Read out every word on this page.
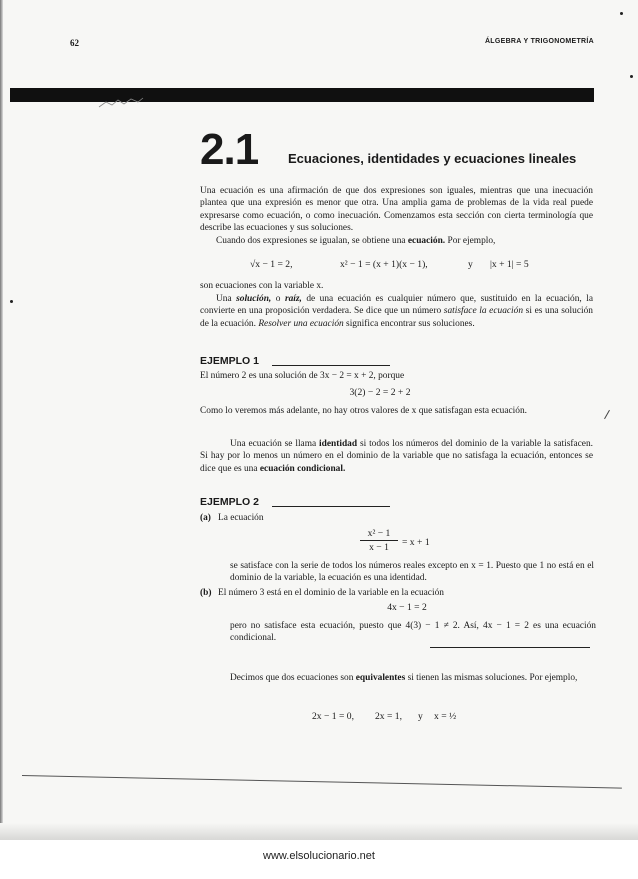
62	ÁLGEBRA Y TRIGONOMETRÍA
2.1 Ecuaciones, identidades y ecuaciones lineales
Una ecuación es una afirmación de que dos expresiones son iguales, mientras que una inecuación plantea que una expresión es menor que otra. Una amplia gama de problemas de la vida real puede expresarse como ecuación, o como inecuación. Comenzamos esta sección con cierta terminología que describe las ecuaciones y sus soluciones.
Cuando dos expresiones se igualan, se obtiene una ecuación. Por ejemplo,
√x − 1 = 2,	x² − 1 = (x + 1)(x − 1),	y |x + 1| = 5
son ecuaciones con la variable x.
Una solución, o raíz, de una ecuación es cualquier número que, sustituido en la ecuación, la convierte en una proposición verdadera. Se dice que un número satisface la ecuación si es una solución de la ecuación. Resolver una ecuación significa encontrar sus soluciones.
EJEMPLO 1
El número 2 es una solución de 3x − 2 = x + 2, porque
3(2) − 2 = 2 + 2
Como lo veremos más adelante, no hay otros valores de x que satisfagan esta ecuación.
Una ecuación se llama identidad si todos los números del dominio de la variable la satisfacen. Si hay por lo menos un número en el dominio de la variable que no satisfaga la ecuación, entonces se dice que es una ecuación condicional.
EJEMPLO 2
(a) La ecuación
x² − 1
x − 1	= x + 1
se satisface con la serie de todos los números reales excepto en x = 1. Puesto que 1 no está en el dominio de la variable, la ecuación es una identidad.
(b) El número 3 está en el dominio de la variable en la ecuación
4x − 1 = 2
pero no satisface esta ecuación, puesto que 4(3) − 1 ≠ 2. Así, 4x − 1 = 2 es una ecuación condicional.
Decimos que dos ecuaciones son equivalentes si tienen las mismas soluciones. Por ejemplo,
2x − 1 = 0, 2x = 1, y x = ½
www.elsolucionario.net
